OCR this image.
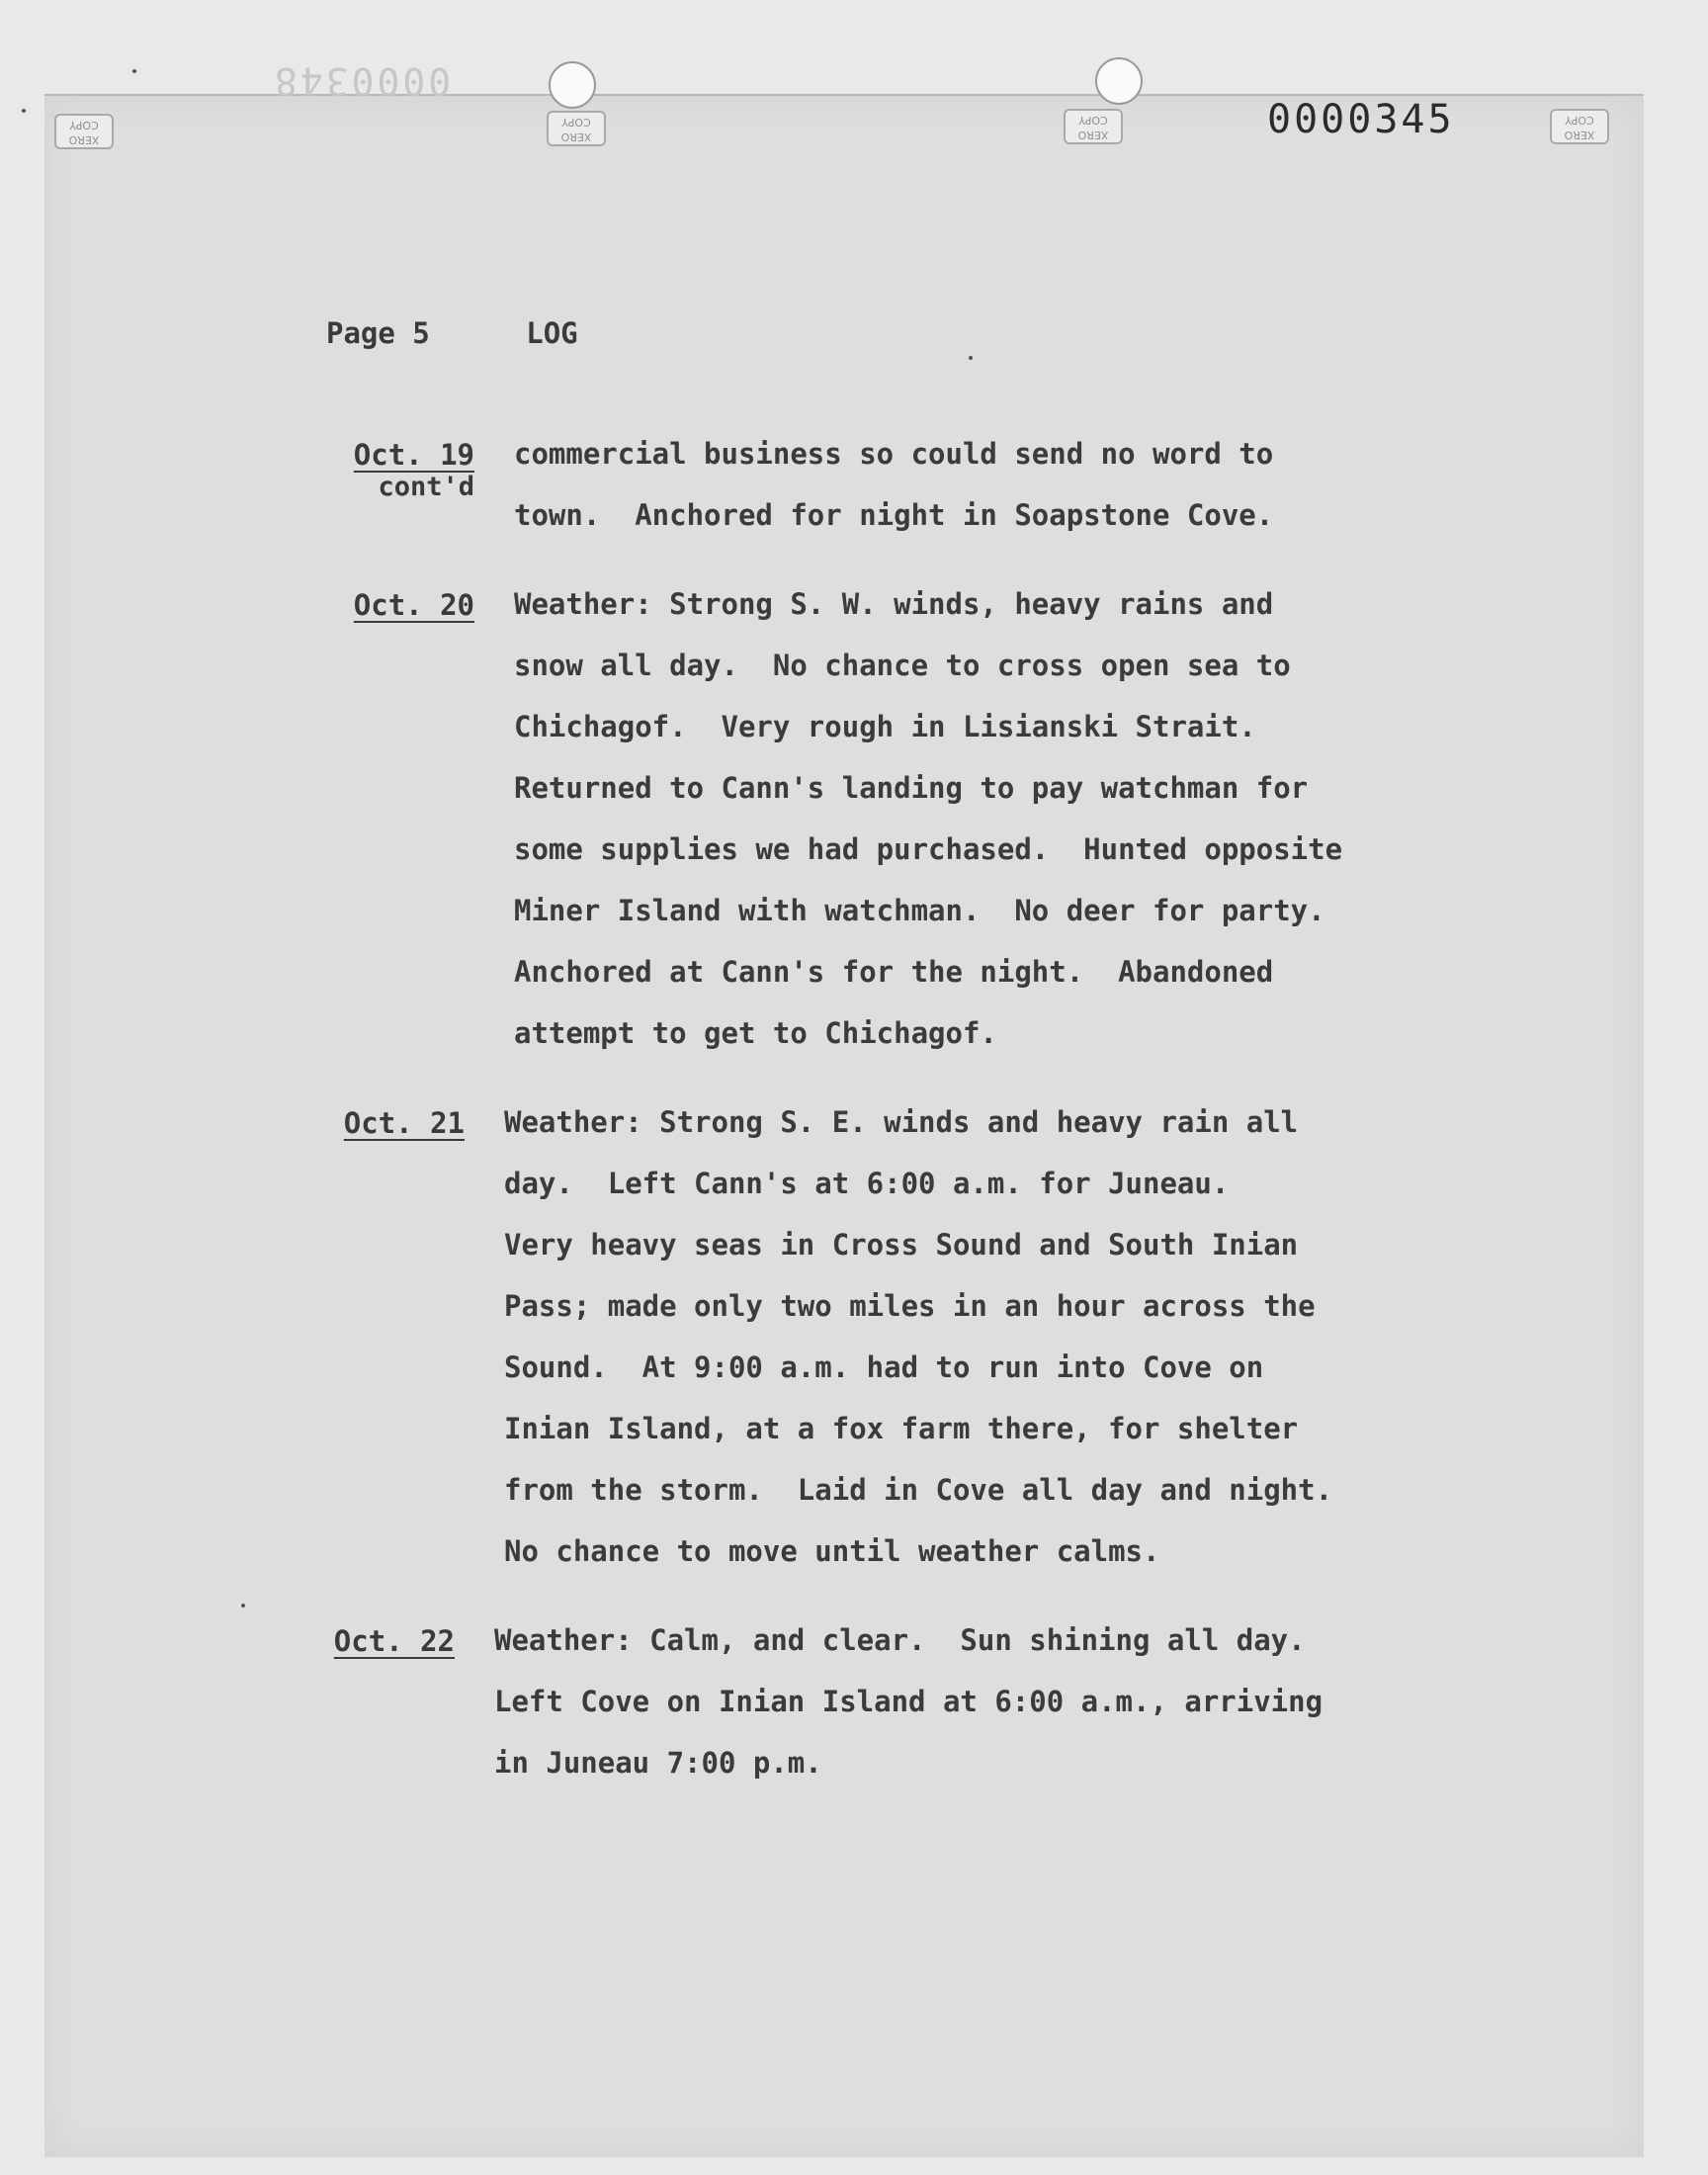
0000348
XERO COPY
XERO COPY
XERO COPY
XERO COPY
0000345
Page 5	LOG
Oct. 19
cont'd
commercial business so could send no word to
town.  Anchored for night in Soapstone Cove.
Oct. 20 Weather: Strong S. W. winds, heavy rains and
snow all day.  No chance to cross open sea to
Chichagof.  Very rough in Lisianski Strait.
Returned to Cann's landing to pay watchman for
some supplies we had purchased.  Hunted opposite
Miner Island with watchman.  No deer for party.
Anchored at Cann's for the night.  Abandoned
attempt to get to Chichagof.
Oct. 21 Weather: Strong S. E. winds and heavy rain all
day.  Left Cann's at 6:00 a.m. for Juneau.
Very heavy seas in Cross Sound and South Inian
Pass; made only two miles in an hour across the
Sound.  At 9:00 a.m. had to run into Cove on
Inian Island, at a fox farm there, for shelter
from the storm.  Laid in Cove all day and night.
No chance to move until weather calms.
Oct. 22 Weather: Calm, and clear.  Sun shining all day.
Left Cove on Inian Island at 6:00 a.m., arriving
in Juneau 7:00 p.m.
